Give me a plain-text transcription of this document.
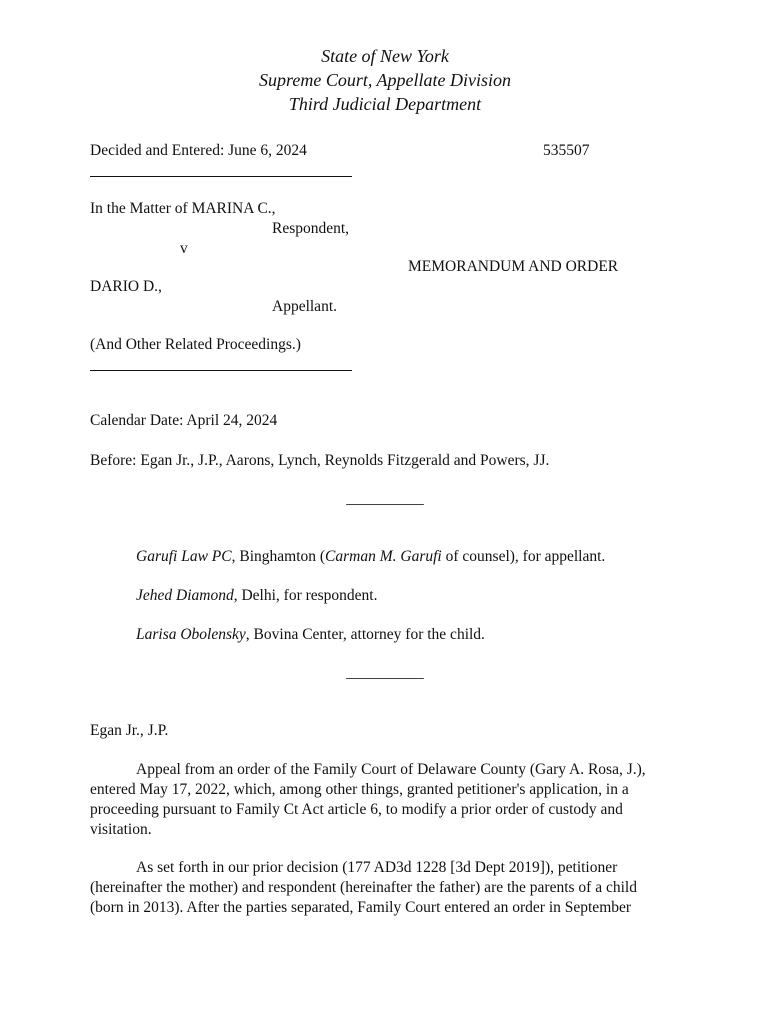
State of New York
Supreme Court, Appellate Division
Third Judicial Department
Decided and Entered: June 6, 2024	535507
In the Matter of MARINA C.,
Respondent,
v
MEMORANDUM AND ORDER
DARIO D.,
Appellant.
(And Other Related Proceedings.)
Calendar Date: April 24, 2024
Before: Egan Jr., J.P., Aarons, Lynch, Reynolds Fitzgerald and Powers, JJ.
__________
Garufi Law PC, Binghamton (Carman M. Garufi of counsel), for appellant.
Jehed Diamond, Delhi, for respondent.
Larisa Obolensky, Bovina Center, attorney for the child.
__________
Egan Jr., J.P.
Appeal from an order of the Family Court of Delaware County (Gary A. Rosa, J.), entered May 17, 2022, which, among other things, granted petitioner's application, in a proceeding pursuant to Family Ct Act article 6, to modify a prior order of custody and visitation.
As set forth in our prior decision (177 AD3d 1228 [3d Dept 2019]), petitioner (hereinafter the mother) and respondent (hereinafter the father) are the parents of a child (born in 2013). After the parties separated, Family Court entered an order in September
